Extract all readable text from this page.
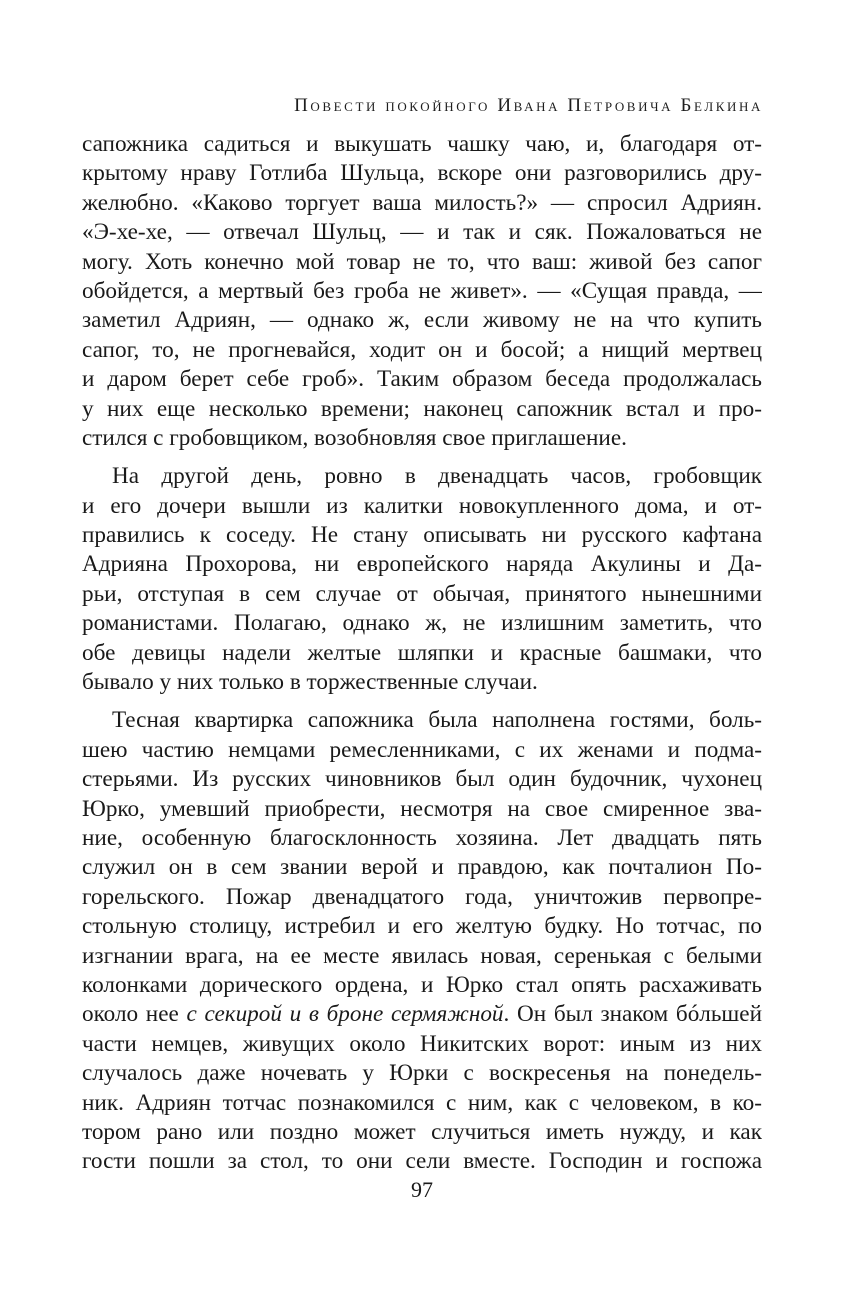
Повести покойного Ивана Петровича Белкина
сапожника садиться и выкушать чашку чаю, и, благодаря от-
крытому нраву Готлиба Шульца, вскоре они разговорились дру-
желюбно. «Каково торгует ваша милость?» — спросил Адриян.
«Э-хе-хе, — отвечал Шульц, — и так и сяк. Пожаловаться не
могу. Хоть конечно мой товар не то, что ваш: живой без сапог
обойдется, а мертвый без гроба не живет». — «Сущая правда, —
заметил Адриян, — однако ж, если живому не на что купить
сапог, то, не прогневайся, ходит он и босой; а нищий мертвец
и даром берет себе гроб». Таким образом беседа продолжалась
у них еще несколько времени; наконец сапожник встал и про-
стился с гробовщиком, возобновляя свое приглашение.
На другой день, ровно в двенадцать часов, гробовщик
и его дочери вышли из калитки новокупленного дома, и от-
правились к соседу. Не стану описывать ни русского кафтана
Адрияна Прохорова, ни европейского наряда Акулины и Да-
рьи, отступая в сем случае от обычая, принятого нынешними
романистами. Полагаю, однако ж, не излишним заметить, что
обе девицы надели желтые шляпки и красные башмаки, что
бывало у них только в торжественные случаи.
Тесная квартирка сапожника была наполнена гостями, боль-
шею частию немцами ремесленниками, с их женами и подма-
стерьями. Из русских чиновников был один будочник, чухонец
Юрко, умевший приобрести, несмотря на свое смиренное зва-
ние, особенную благосклонность хозяина. Лет двадцать пять
служил он в сем звании верой и правдою, как почталион По-
горельского. Пожар двенадцатого года, уничтожив первопре-
стольную столицу, истребил и его желтую будку. Но тотчас, по
изгнании врага, на ее месте явилась новая, серенькая с белыми
колонками дорического ордена, и Юрко стал опять расхаживать
около нее с секирой и в броне сермяжной. Он был знаком бóльшей
части немцев, живущих около Никитских ворот: иным из них
случалось даже ночевать у Юрки с воскресенья на понедель-
ник. Адриян тотчас познакомился с ним, как с человеком, в ко-
тором рано или поздно может случиться иметь нужду, и как
гости пошли за стол, то они сели вместе. Господин и госпожа
97
